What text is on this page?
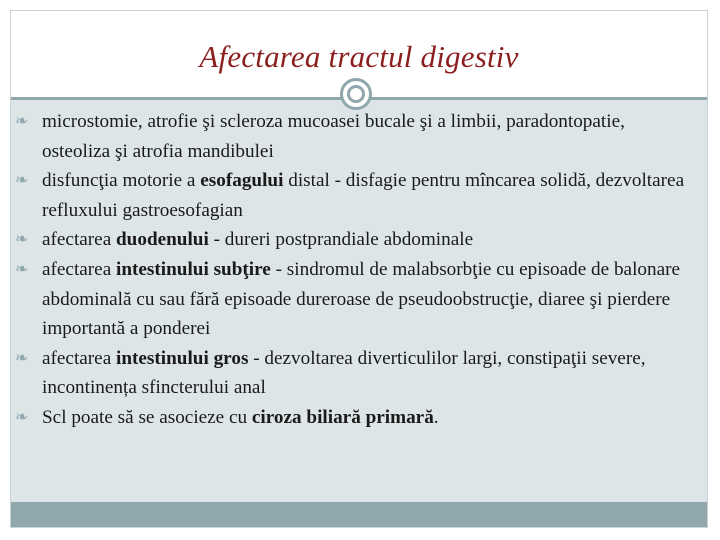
Afectarea tractul digestiv
❧ microstomie, atrofie şi scleroza mucoasei bucale şi a limbii, paradontopatie, osteoliza şi atrofia mandibulei
❧ disfuncţia motorie a esofagului distal - disfagie pentru mîncarea solidă, dezvoltarea refluxului gastroesofagian
❧ afectarea duodenului - dureri postprandiale abdominale
❧ afectarea intestinului subţire - sindromul de malabsorbţie cu episoade de balonare abdominală cu sau fără episoade dureroase de pseudoobstrucţie, diaree şi pierdere importantă a ponderei
❧ afectarea intestinului gros - dezvoltarea diverticulilor largi, constipaţii severe, incontinența sfincterului anal
❧ Scl poate să se asocieze cu ciroza biliară primară.
